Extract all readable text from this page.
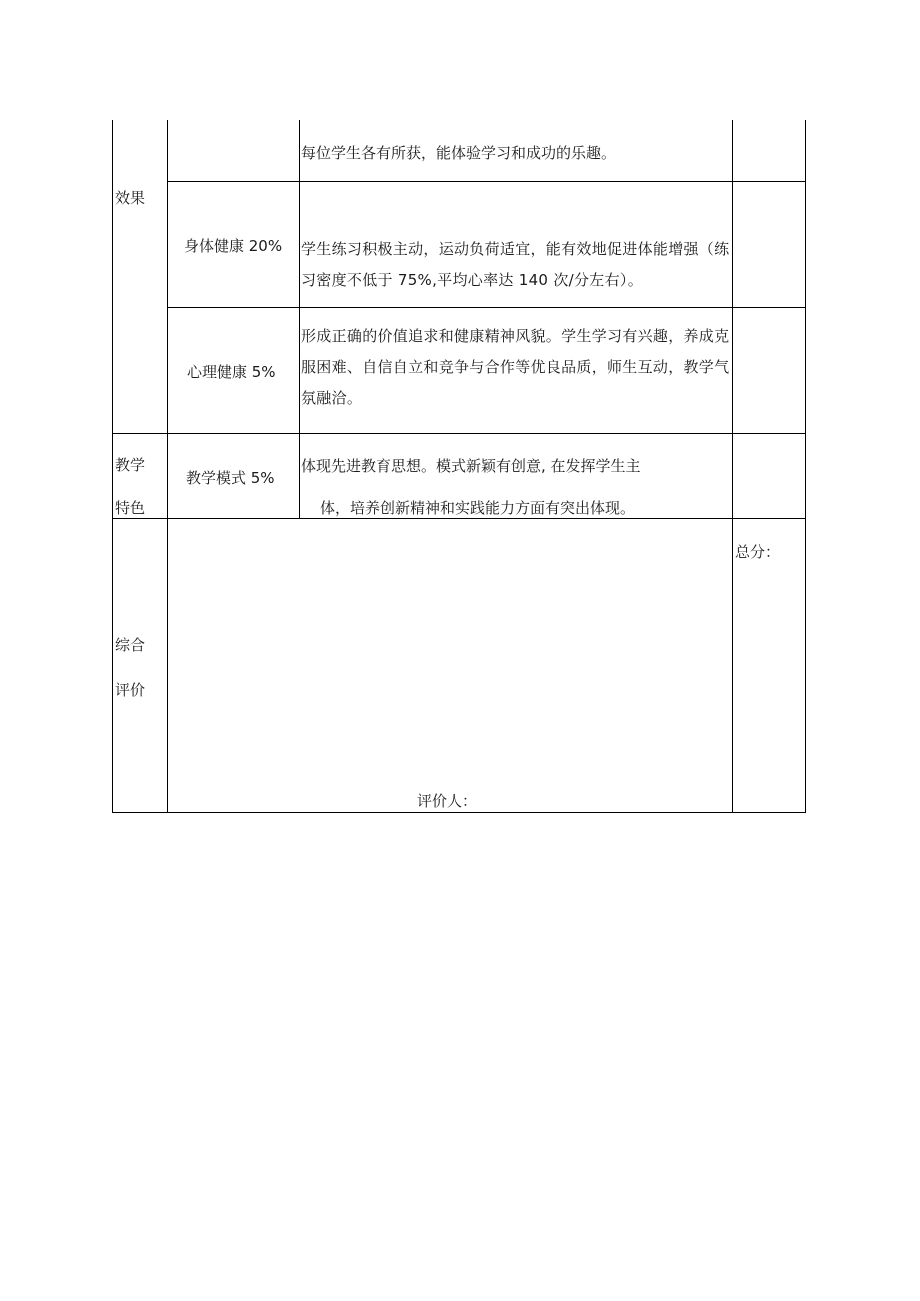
效果
每位学生各有所获，能体验学习和成功的乐趣。
身体健康 20% 学生练习积极主动，运动负荷适宜，能有效地促进体能增强（练习密度不低于 75%,平均心率达 140 次/分左右）。
心理健康 5%
形成正确的价值追求和健康精神风貌。学生学习有兴趣，养成克服困难、自信自立和竞争与合作等优良品质，师生互动，教学气氛融洽。
教学
特色
教学模式 5%
体现先进教育思想。模式新颖有创意, 在发挥学生主
体，培养创新精神和实践能力方面有突出体现。
综合
评价
总分：
评价人：
